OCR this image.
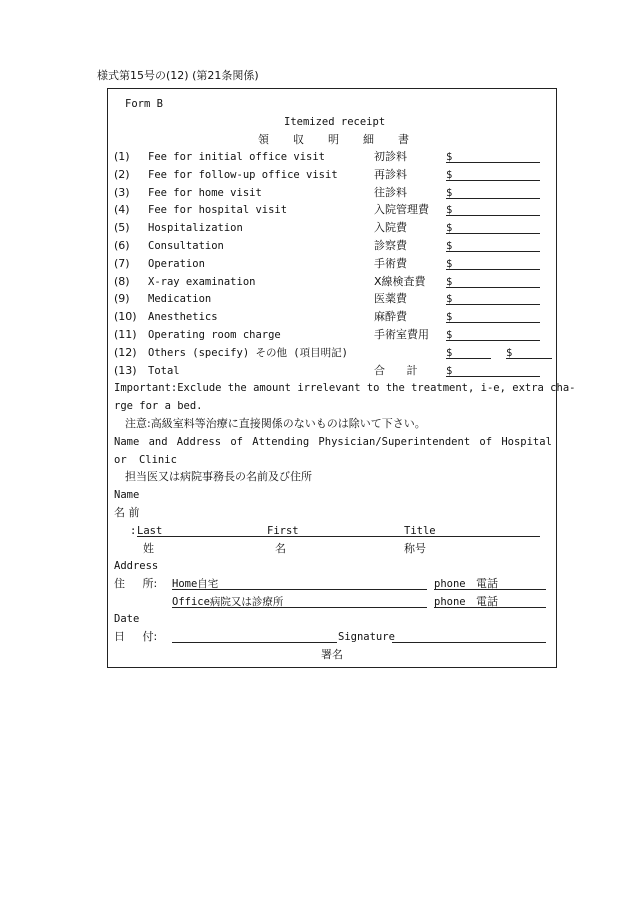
様式第15号の(12) (第21条関係)
Form B
Itemized receipt
領収明細書
(1) Fee for initial office visit	初診料	$
(2) Fee for follow-up office visit	再診料	$
(3) Fee for home visit	往診料	$
(4) Fee for hospital visit	入院管理費 $
(5) Hospitalization	入院費	$
(6) Consultation	診察費	$
(7) Operation	手術費	$
(8) X-ray examination	X線検査費 $
(9) Medication	医薬費	$
(10) Anesthetics	麻酔費	$
(11) Operating room charge	手術室費用 $
(12) Others (specify) その他 (項目明記)	$	$
(13) Total	合 計	$
Important:Exclude the amount irrelevant to the treatment, i-e, extra cha-
rge for a bed.
注意:高級室料等治療に直接関係のないものは除いて下さい。
Name and Address of Attending Physician/Superintendent of Hospital
or Clinic
担当医又は病院事務長の名前及び住所
Name
名 前
: Last	First	Title
姓	名	称号
Address
住 所: Home自宅	phone 電話
Office病院又は診療所	phone 電話
Date
日 付:	Signature
署名
